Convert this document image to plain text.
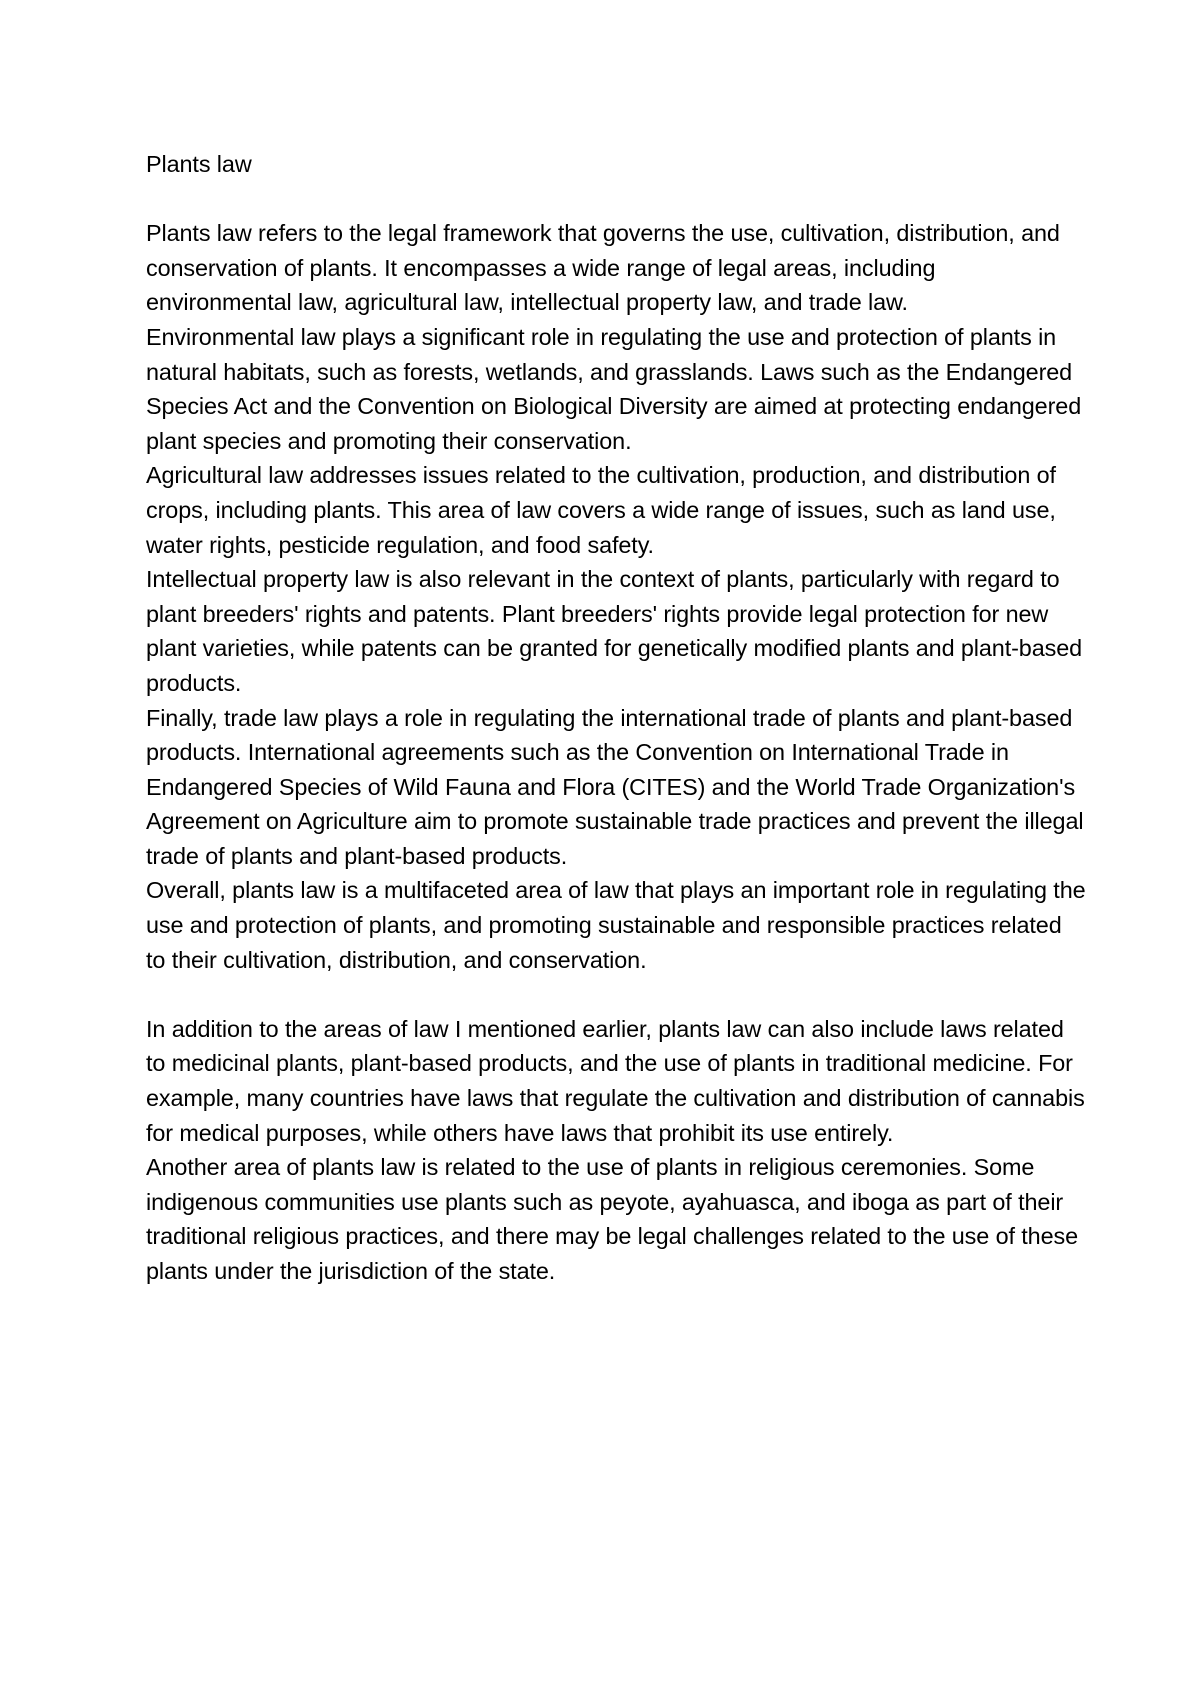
Plants law

Plants law refers to the legal framework that governs the use, cultivation, distribution, and conservation of plants. It encompasses a wide range of legal areas, including environmental law, agricultural law, intellectual property law, and trade law.

Environmental law plays a significant role in regulating the use and protection of plants in natural habitats, such as forests, wetlands, and grasslands. Laws such as the Endangered Species Act and the Convention on Biological Diversity are aimed at protecting endangered plant species and promoting their conservation.

Agricultural law addresses issues related to the cultivation, production, and distribution of crops, including plants. This area of law covers a wide range of issues, such as land use, water rights, pesticide regulation, and food safety.

Intellectual property law is also relevant in the context of plants, particularly with regard to plant breeders' rights and patents. Plant breeders' rights provide legal protection for new plant varieties, while patents can be granted for genetically modified plants and plant-based products.

Finally, trade law plays a role in regulating the international trade of plants and plant-based products. International agreements such as the Convention on International Trade in Endangered Species of Wild Fauna and Flora (CITES) and the World Trade Organization's Agreement on Agriculture aim to promote sustainable trade practices and prevent the illegal trade of plants and plant-based products.

Overall, plants law is a multifaceted area of law that plays an important role in regulating the use and protection of plants, and promoting sustainable and responsible practices related to their cultivation, distribution, and conservation.

In addition to the areas of law I mentioned earlier, plants law can also include laws related to medicinal plants, plant-based products, and the use of plants in traditional medicine. For example, many countries have laws that regulate the cultivation and distribution of cannabis for medical purposes, while others have laws that prohibit its use entirely.

Another area of plants law is related to the use of plants in religious ceremonies. Some indigenous communities use plants such as peyote, ayahuasca, and iboga as part of their traditional religious practices, and there may be legal challenges related to the use of these plants under the jurisdiction of the state.
